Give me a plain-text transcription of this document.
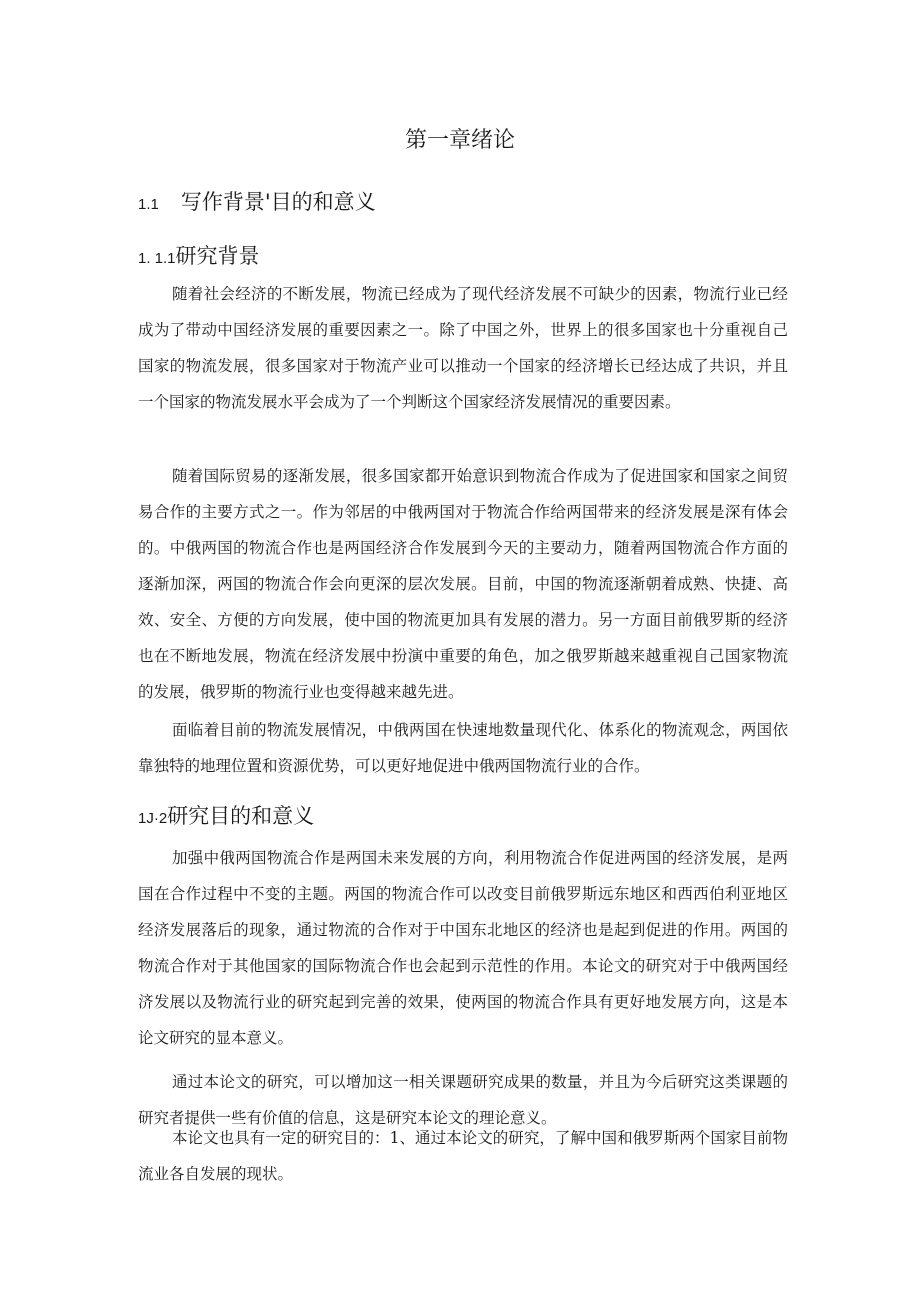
第一章绪论
1.1 写作背景'目的和意义
1. 1.1研究背景

随着社会经济的不断发展，物流已经成为了现代经济发展不可缺少的因素，物流行业已经成为了带动中国经济发展的重要因素之一。除了中国之外，世界上的很多国家也十分重视自己国家的物流发展，很多国家对于物流产业可以推动一个国家的经济增长已经达成了共识，并且一个国家的物流发展水平会成为了一个判断这个国家经济发展情况的重要因素。

随着国际贸易的逐渐发展，很多国家都开始意识到物流合作成为了促进国家和国家之间贸易合作的主要方式之一。作为邻居的中俄两国对于物流合作给两国带来的经济发展是深有体会的。中俄两国的物流合作也是两国经济合作发展到今天的主要动力，随着两国物流合作方面的逐渐加深，两国的物流合作会向更深的层次发展。目前，中国的物流逐渐朝着成熟、快捷、高效、安全、方便的方向发展，使中国的物流更加具有发展的潜力。另一方面目前俄罗斯的经济也在不断地发展，物流在经济发展中扮演中重要的角色，加之俄罗斯越来越重视自己国家物流的发展，俄罗斯的物流行业也变得越来越先进。

面临着目前的物流发展情况，中俄两国在快速地数量现代化、体系化的物流观念，两国依靠独特的地理位置和资源优势，可以更好地促进中俄两国物流行业的合作。

1J·2研究目的和意义

加强中俄两国物流合作是两国未来发展的方向，利用物流合作促进两国的经济发展，是两国在合作过程中不变的主题。两国的物流合作可以改变目前俄罗斯远东地区和西西伯利亚地区经济发展落后的现象，通过物流的合作对于中国东北地区的经济也是起到促进的作用。两国的物流合作对于其他国家的国际物流合作也会起到示范性的作用。本论文的研究对于中俄两国经济发展以及物流行业的研究起到完善的效果，使两国的物流合作具有更好地发展方向，这是本论文研究的显本意义。

通过本论文的研究，可以增加这一相关课题研究成果的数量，并且为今后研究这类课题的研究者提供一些有价值的信息，这是研究本论文的理论意义。

本论文也具有一定的研究目的：1、通过本论文的研究，了解中国和俄罗斯两个国家目前物流业各自发展的现状。
